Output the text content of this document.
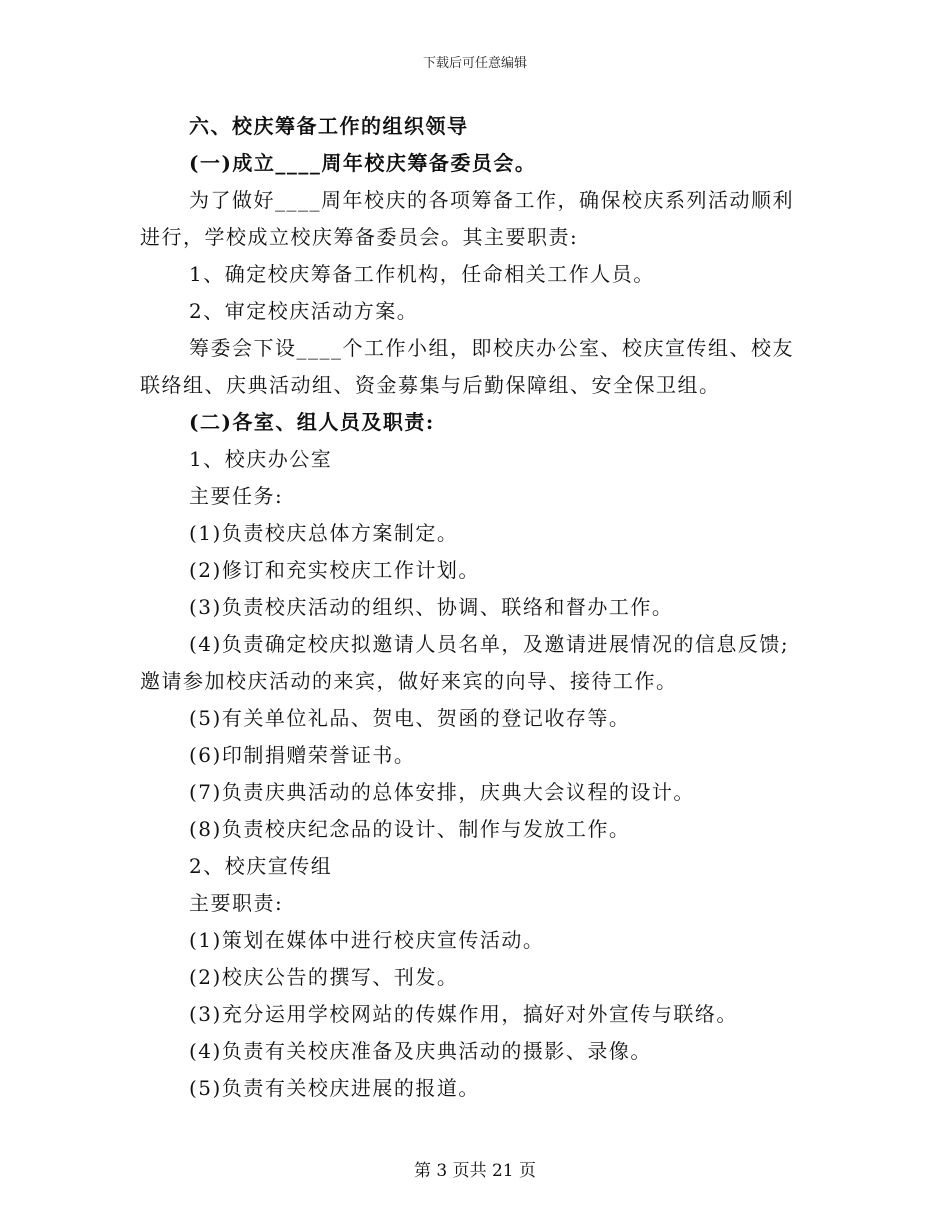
下载后可任意编辑
六、校庆筹备工作的组织领导
(一)成立____周年校庆筹备委员会。
为了做好____周年校庆的各项筹备工作，确保校庆系列活动顺利
进行，学校成立校庆筹备委员会。其主要职责:
1、确定校庆筹备工作机构，任命相关工作人员。
2、审定校庆活动方案。
筹委会下设____个工作小组，即校庆办公室、校庆宣传组、校友
联络组、庆典活动组、资金募集与后勤保障组、安全保卫组。
(二)各室、组人员及职责:
1、校庆办公室
主要任务:
(1)负责校庆总体方案制定。
(2)修订和充实校庆工作计划。
(3)负责校庆活动的组织、协调、联络和督办工作。
(4)负责确定校庆拟邀请人员名单，及邀请进展情况的信息反馈;
邀请参加校庆活动的来宾，做好来宾的向导、接待工作。
(5)有关单位礼品、贺电、贺函的登记收存等。
(6)印制捐赠荣誉证书。
(7)负责庆典活动的总体安排，庆典大会议程的设计。
(8)负责校庆纪念品的设计、制作与发放工作。
2、校庆宣传组
主要职责:
(1)策划在媒体中进行校庆宣传活动。
(2)校庆公告的撰写、刊发。
(3)充分运用学校网站的传媒作用，搞好对外宣传与联络。
(4)负责有关校庆准备及庆典活动的摄影、录像。
(5)负责有关校庆进展的报道。
第 3 页共 21 页
